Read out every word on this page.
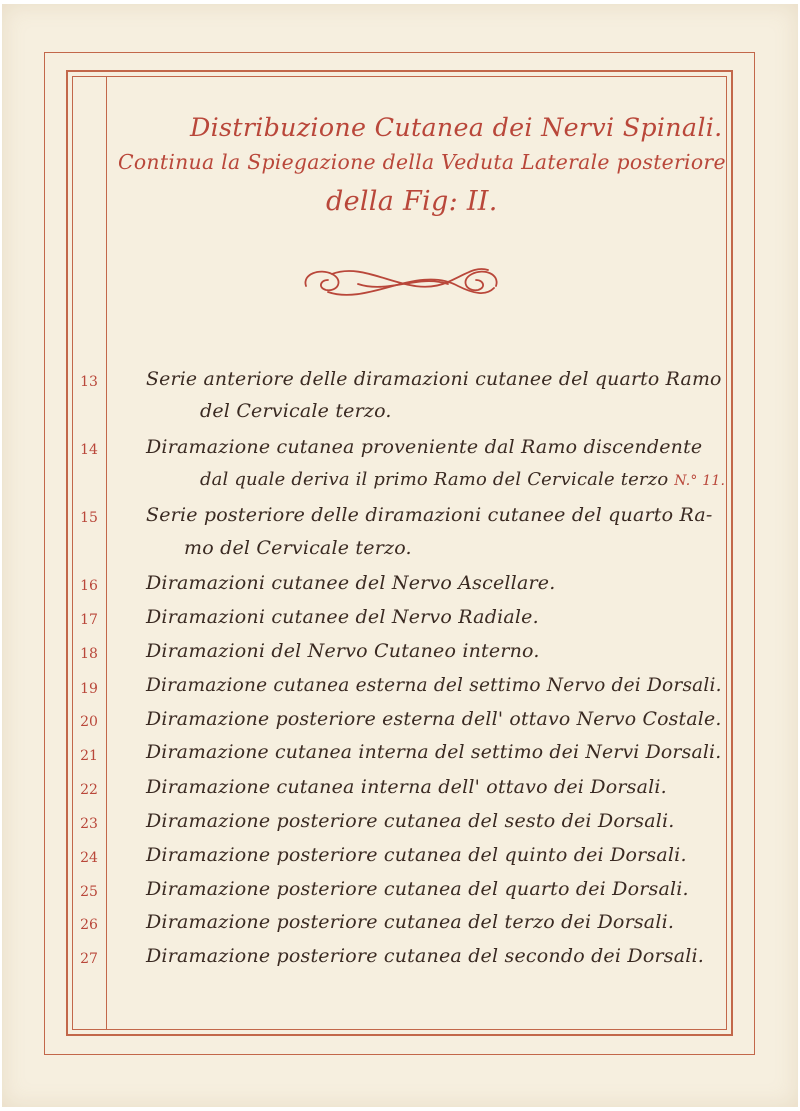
Distribuzione Cutanea dei Nervi Spinali.
Continua la Spiegazione della Veduta Laterale posteriore
della Fig: II.
13	Serie anteriore delle diramazioni cutanee del quarto Ramo
del Cervicale terzo.
14	Diramazione cutanea proveniente dal Ramo discendente
dal quale deriva il primo Ramo del Cervicale terzo N.° 11.
15	Serie posteriore delle diramazioni cutanee del quarto Ra-
mo del Cervicale terzo.
16	Diramazioni cutanee del Nervo Ascellare.
17	Diramazioni cutanee del Nervo Radiale.
18	Diramazioni del Nervo Cutaneo interno.
19	Diramazione cutanea esterna del settimo Nervo dei Dorsali.
20	Diramazione posteriore esterna dell' ottavo Nervo Costale.
21	Diramazione cutanea interna del settimo dei Nervi Dorsali.
22	Diramazione cutanea interna dell' ottavo dei Dorsali.
23	Diramazione posteriore cutanea del sesto dei Dorsali.
24	Diramazione posteriore cutanea del quinto dei Dorsali.
25	Diramazione posteriore cutanea del quarto dei Dorsali.
26	Diramazione posteriore cutanea del terzo dei Dorsali.
27	Diramazione posteriore cutanea del secondo dei Dorsali.
